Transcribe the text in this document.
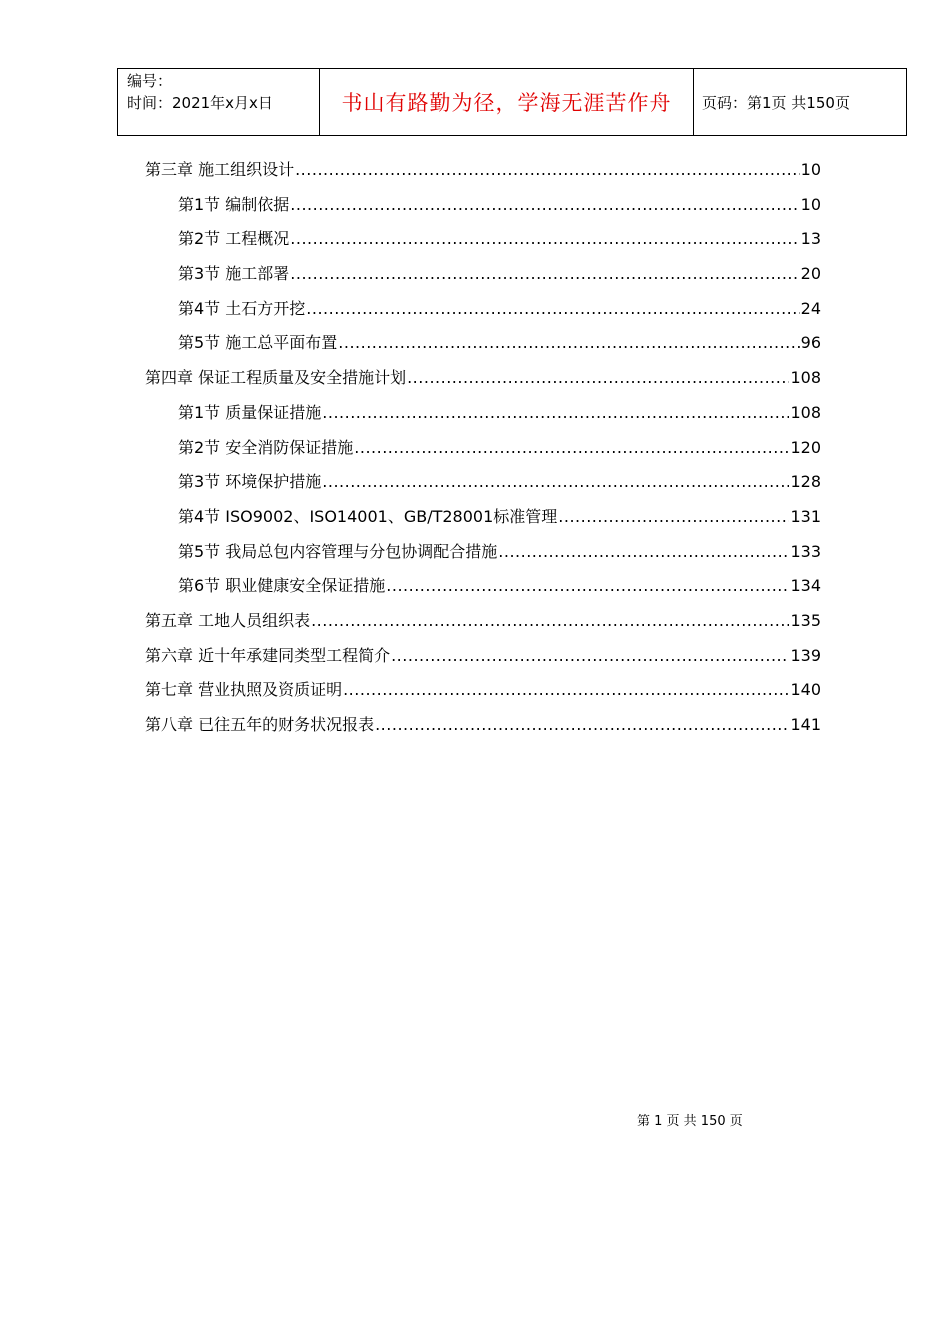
编号：
时间：2021年x月x日	书山有路勤为径，学海无涯苦作舟	页码：第1页 共150页
第三章 施工组织设计 .....	10
第1节 编制依据 .....	10
第2节 工程概况 .....	13
第3节 施工部署 .....	20
第4节 土石方开挖 .....	24
第5节 施工总平面布置 .....	96
第四章 保证工程质量及安全措施计划 .....	108
第1节 质量保证措施 .....	108
第2节 安全消防保证措施 .....	120
第3节 环境保护措施 .....	128
第4节 ISO9002、ISO14001、GB/T28001标准管理 .....	131
第5节 我局总包内容管理与分包协调配合措施 .....	133
第6节 职业健康安全保证措施 .....	134
第五章 工地人员组织表 .....	135
第六章 近十年承建同类型工程简介 .....	139
第七章 营业执照及资质证明 .....	140
第八章 已往五年的财务状况报表 .....	141
第 1 页 共 150 页
